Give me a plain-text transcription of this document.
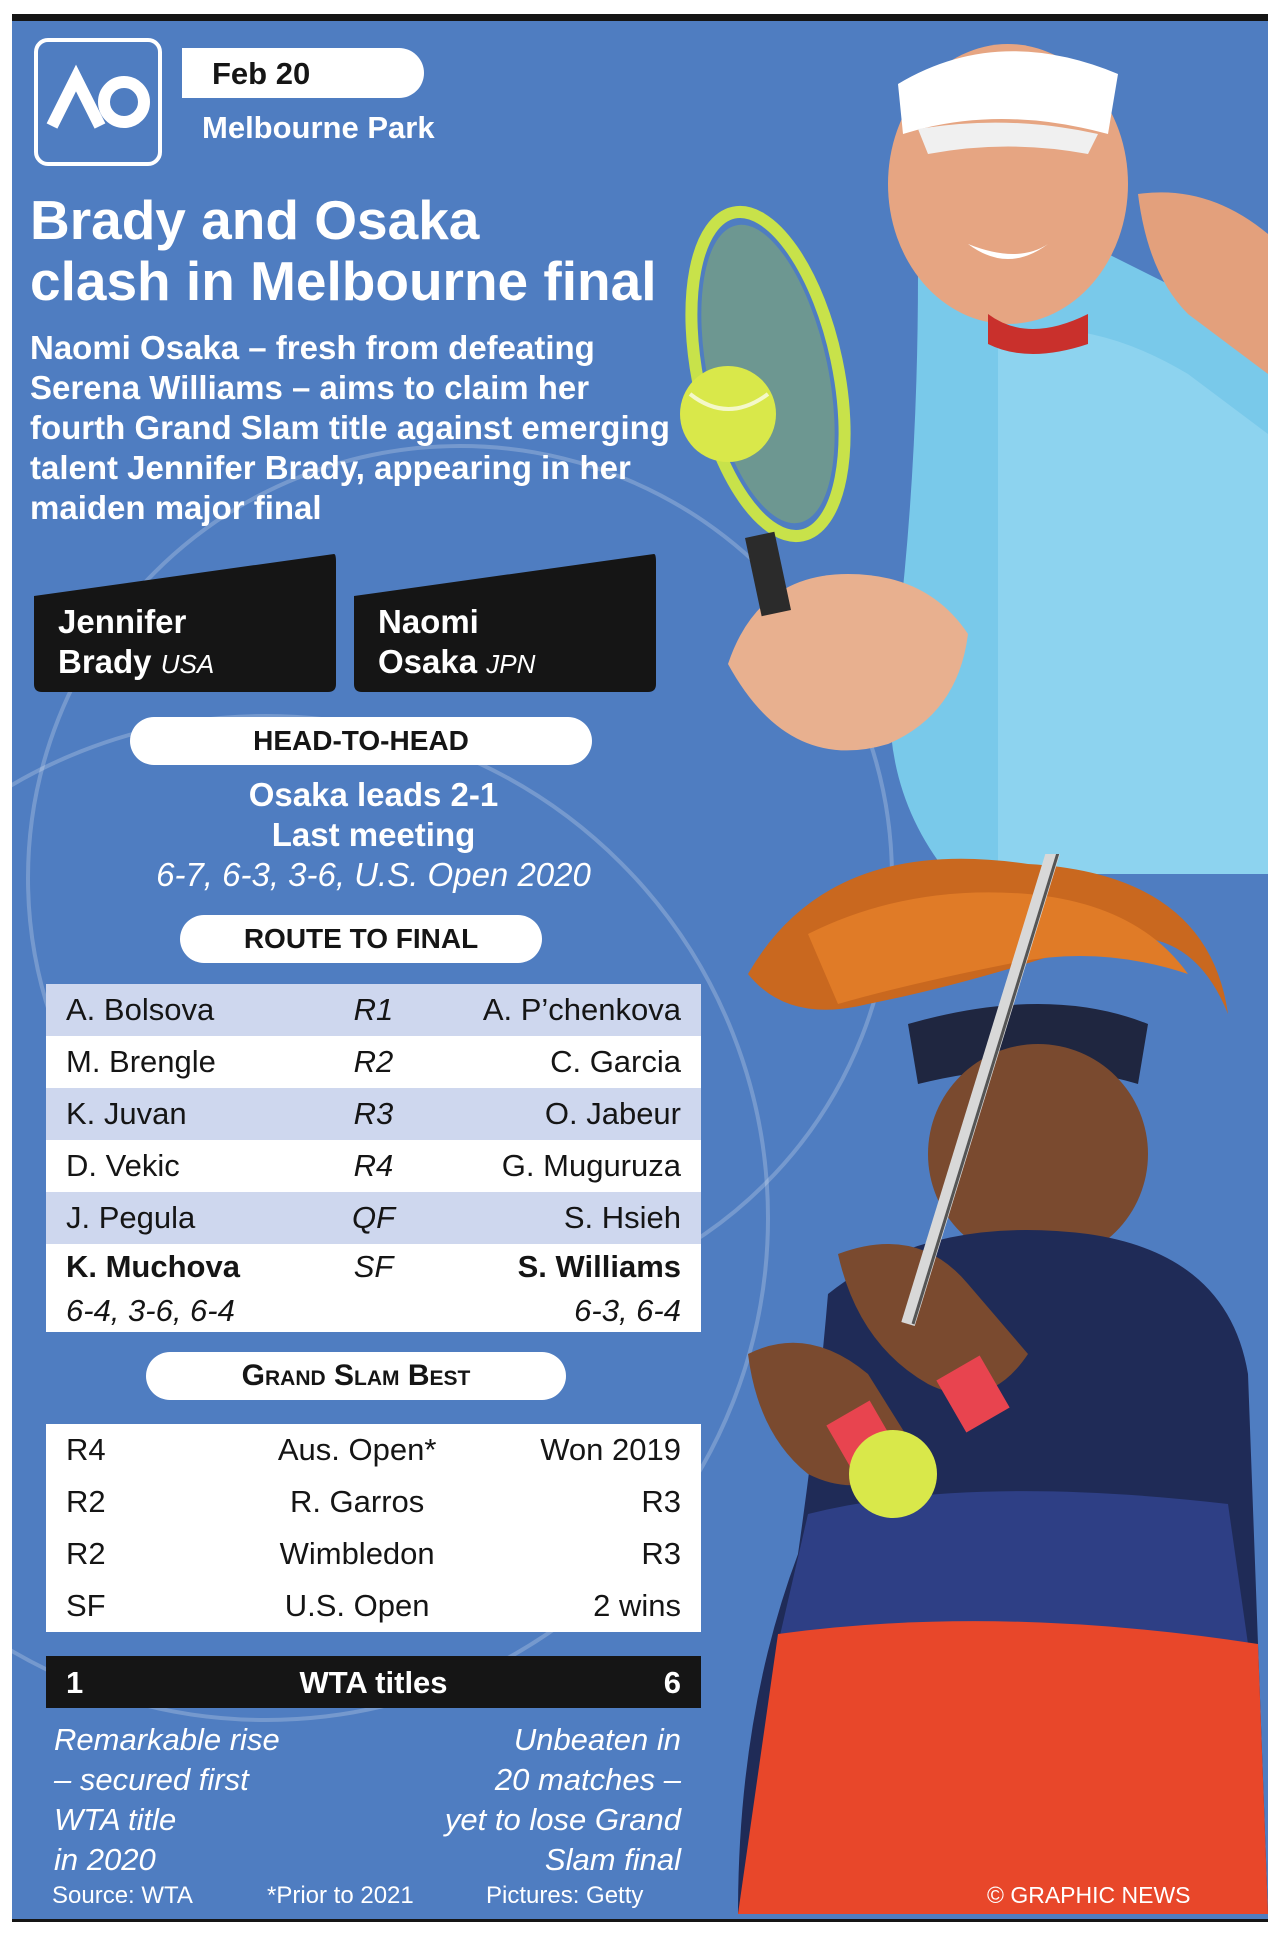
Feb 20
Melbourne Park
Brady and Osaka
clash in Melbourne final

Naomi Osaka – fresh from defeating Serena Williams – aims to claim her fourth Grand Slam title against emerging talent Jennifer Brady, appearing in her maiden major final

Jennifer
Brady USA
Naomi
Osaka JPN
HEAD-TO-HEAD
Osaka leads 2-1
Last meeting
6-7, 6-3, 3-6, U.S. Open 2020
ROUTE TO FINAL
A. Bolsova	R1	A. P’chenkova
M. Brengle	R2	C. Garcia
K. Juvan	R3	O. Jabeur
D. Vekic	R4	G. Muguruza
J. Pegula	QF	S. Hsieh
K. Muchova	SF	S. Williams
6-4, 3-6, 6-4		6-3, 6-4
Grand Slam Best
R4	Aus. Open*	Won 2019
R2	R. Garros	R3
R2	Wimbledon	R3
SF	U.S. Open	2 wins
1	WTA titles	6
Remarkable rise
– secured first
WTA title
in 2020
Unbeaten in
20 matches –
yet to lose Grand
Slam final
Source: WTA	*Prior to 2021	Pictures: Getty	© GRAPHIC NEWS
